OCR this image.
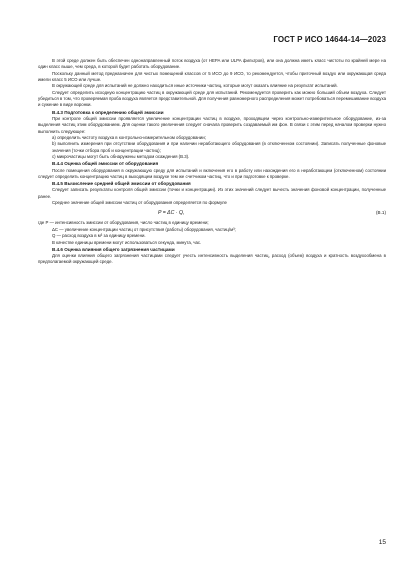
ГОСТ Р ИСО 14644-14—2023

В этой среде должен быть обеспечен однонаправленный поток воздуха (от HEPA или ULPA фильтров), или она должна иметь класс чистоты по крайней мере на один класс выше, чем среда, в которой будет работать оборудование.

Поскольку данный метод предназначен для чистых помещений классов от 5 ИСО до 9 ИСО, то рекомендуется, чтобы приточный воздух или окружающая среда имели класс 5 ИСО или лучше.

В окружающей среде для испытаний не должно находиться иные источники частиц, которые могут оказать влияние на результат испытаний.

Следует определить исходную концентрацию частиц в окружающей среде для испытаний. Рекомендуется проверить как можно больший объем воздуха. Следует убедиться в том, что проверяемая проба воздуха является представительной. Для получения равномерного распределения может потребоваться перемешивание воздуха и сужение в виде воронки.

В.4.3 Подготовка к определению общей эмиссии

При контроле общей эмиссии проявляется увеличение концентрации частиц в воздухе, проходящем через контрольно-измерительное оборудование, из-за выделения частиц этим оборудованием. Для оценки такого увеличения следует сначала проверить создаваемый им фон. В связи с этим перед началом проверки нужно выполнить следующее:

а) определить чистоту воздуха в контрольно-измерительном оборудовании;

b) выполнить измерения при отсутствии оборудования и при наличии неработающего оборудования (в отключенном состоянии). Записать полученные фоновые значения (точки отбора проб и концентрации частиц);

с) микрочастицы могут быть обнаружены методом осаждения (В.3).

В.4.4 Оценка общей эмиссии от оборудования

После помещения оборудования в окружающую среду для испытаний и включения его в работу или нахождения его в неработающем (отключенном) состоянии следует определить концентрацию частиц в выходящем воздухе тем же счетчиком частиц, что и при подготовке к проверке.

В.4.5 Вычисление средней общей эмиссии от оборудования

Следует записать результаты контроля общей эмиссии (точки и концентрации). Из этих значений следует вычесть значения фоновой концентрации, полученные ранее.

Среднее значение общей эмиссии частиц от оборудования определяется по формуле

P = ΔC · Q,	(B.1)

где P — интенсивность эмиссии от оборудования, число частиц в единицу времени;

ΔC — увеличение концентрации частиц от присутствия (работы) оборудования, частиц/м³;

Q — расход воздуха в м³ за единицу времени.

В качестве единицы времени могут использоваться секунда, минута, час.

В.4.6 Оценка влияния общего загрязнения частицами

Для оценки влияния общего загрязнения частицами следует учесть интенсивность выделения частиц, расход (объем) воздуха и кратность воздухообмена в предполагаемой окружающей среде.

15
